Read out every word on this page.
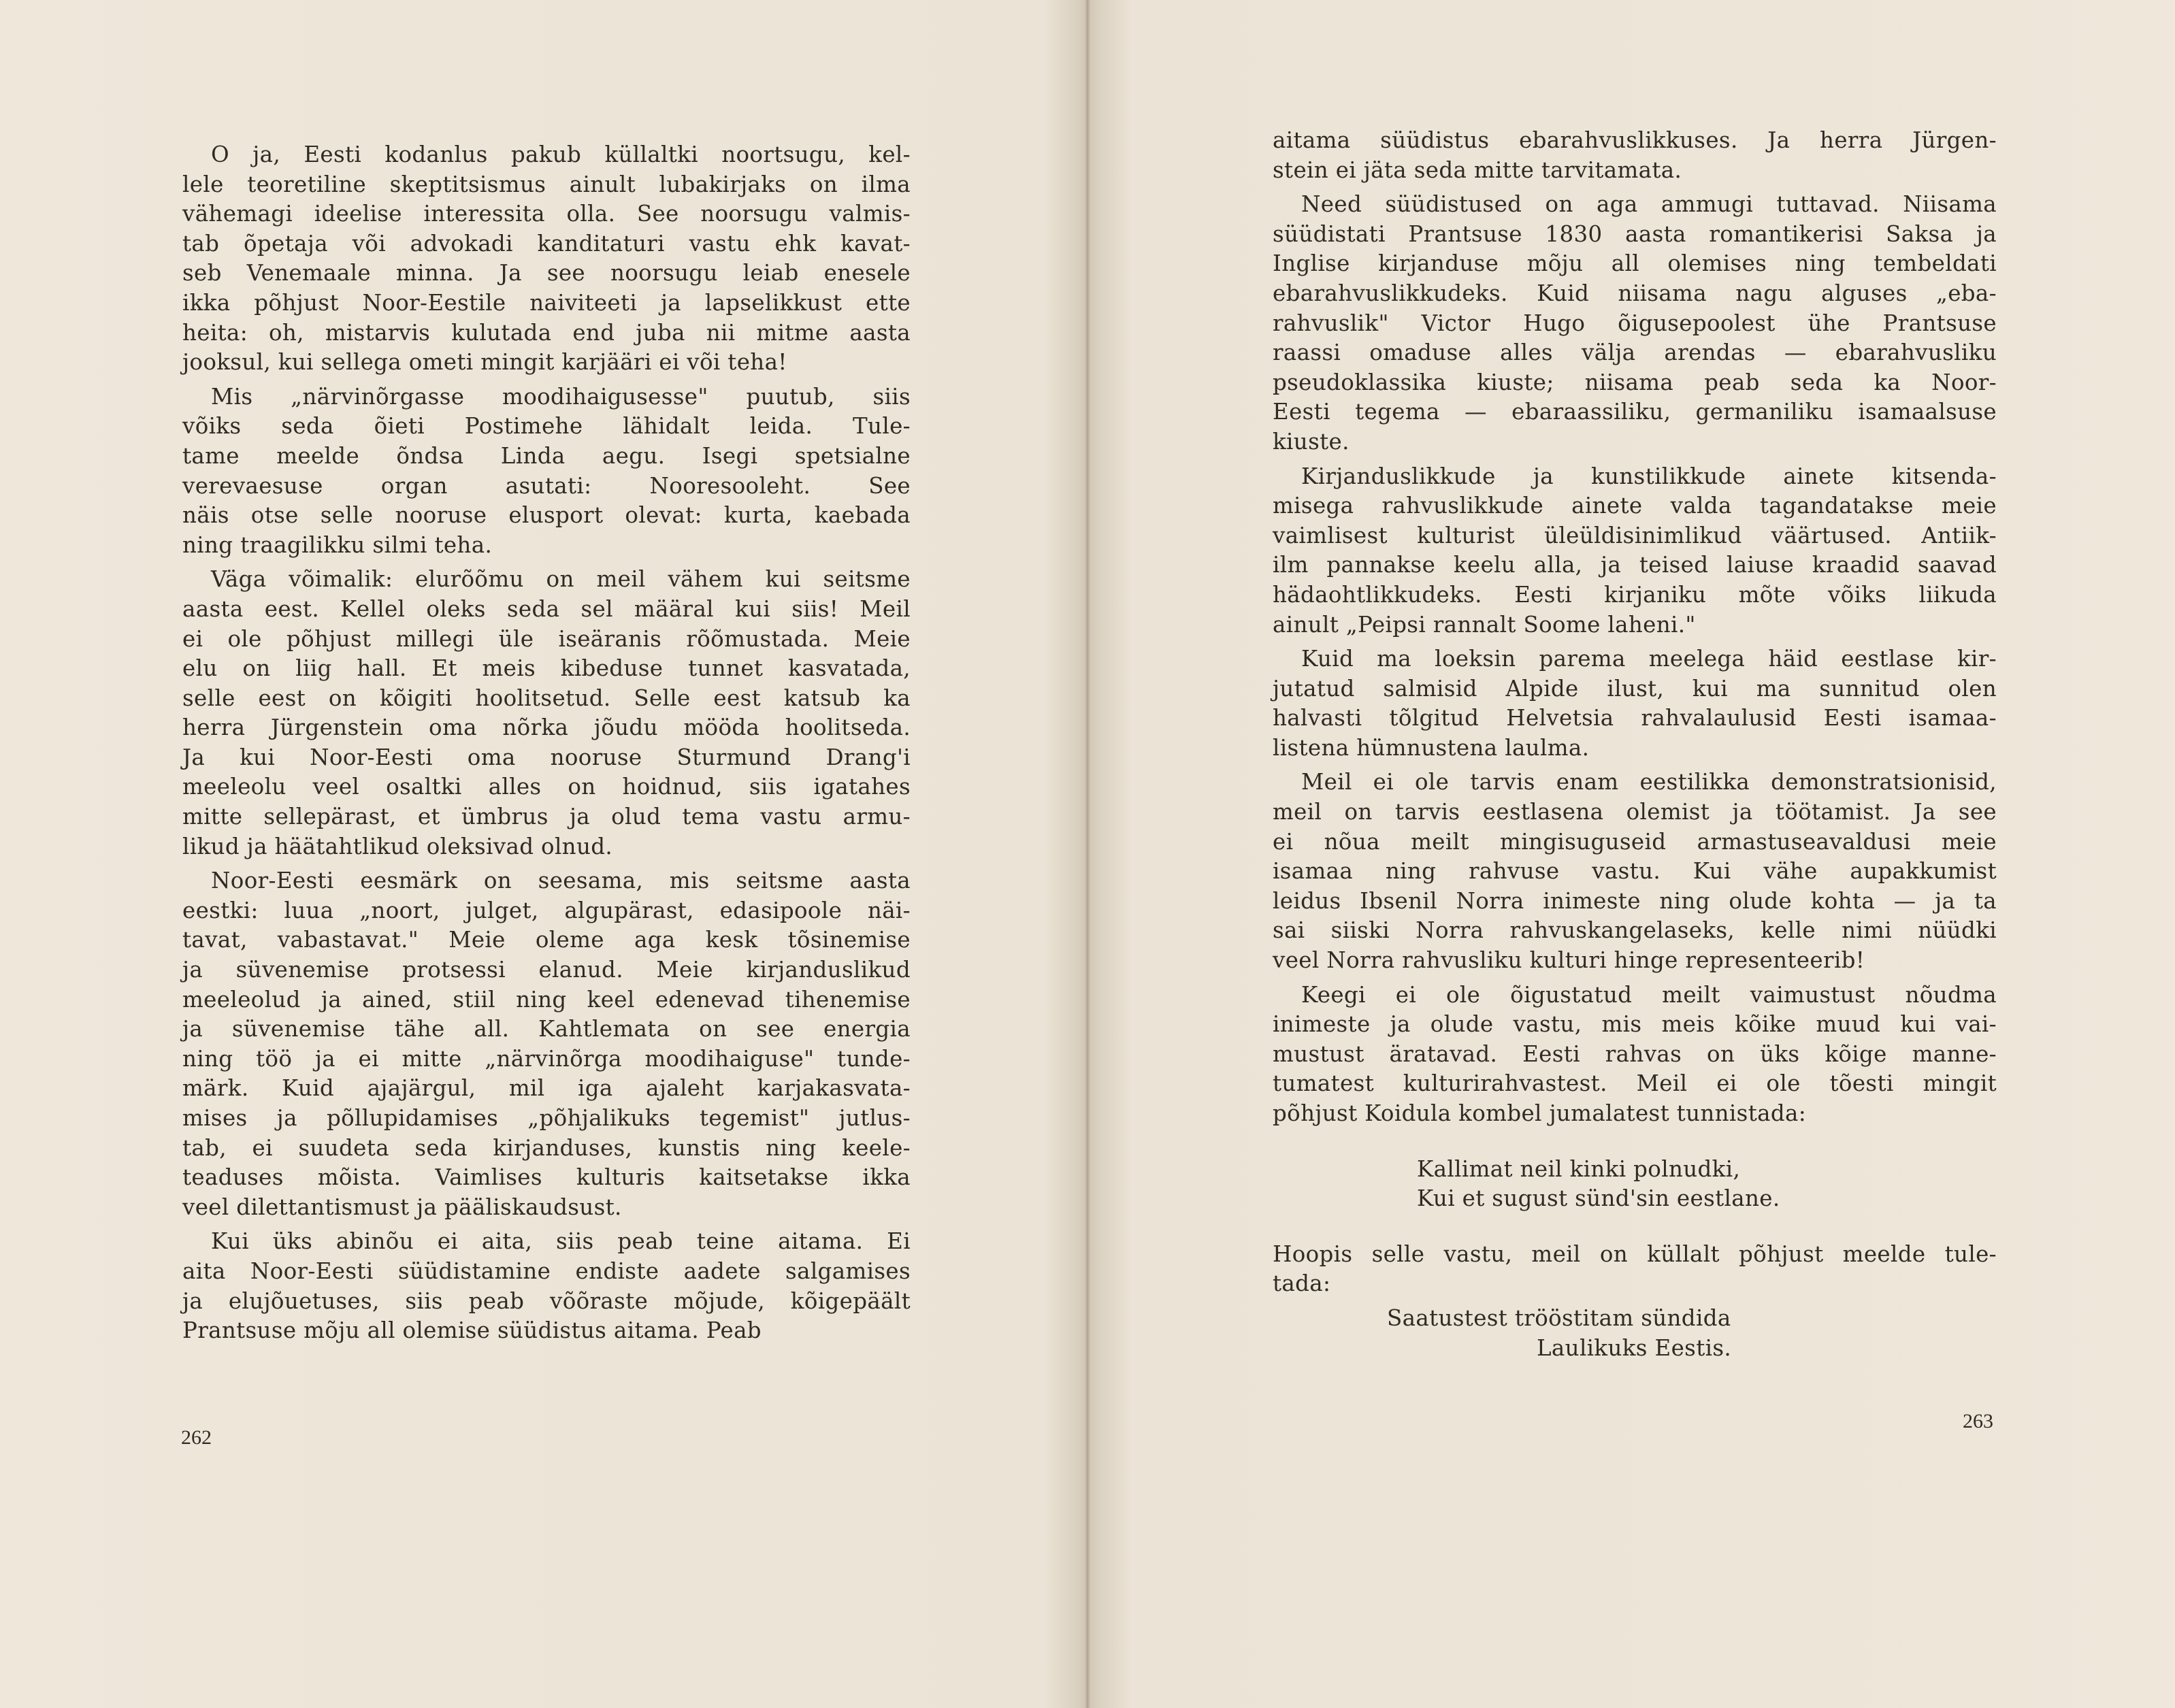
O ja, Eesti kodanlus pakub küllaltki noortsugu, kel-
lele teoretiline skeptitsismus ainult lubakirjaks on ilma
vähemagi ideelise interessita olla. See noorsugu valmis-
tab õpetaja või advokadi kanditaturi vastu ehk kavat-
seb Venemaale minna. Ja see noorsugu leiab enesele
ikka põhjust Noor-Eestile naiviteeti ja lapselikkust ette
heita: oh, mistarvis kulutada end juba nii mitme aasta
jooksul, kui sellega ometi mingit karjääri ei või teha!
Mis „närvinõrgasse moodihaigusesse" puutub, siis
võiks seda õieti Postimehe lähidalt leida. Tule-
tame meelde õndsa Linda aegu. Isegi spetsialne
verevaesuse organ asutati: Nooresooleht. See
näis otse selle nooruse elusport olevat: kurta, kaebada
ning traagilikku silmi teha.
Väga võimalik: elurõõmu on meil vähem kui seitsme
aasta eest. Kellel oleks seda sel määral kui siis! Meil
ei ole põhjust millegi üle iseäranis rõõmustada. Meie
elu on liig hall. Et meis kibeduse tunnet kasvatada,
selle eest on kõigiti hoolitsetud. Selle eest katsub ka
herra Jürgenstein oma nõrka jõudu mööda hoolitseda.
Ja kui Noor-Eesti oma nooruse Sturmund Drang'i
meeleolu veel osaltki alles on hoidnud, siis igatahes
mitte sellepärast, et ümbrus ja olud tema vastu armu-
likud ja häätahtlikud oleksivad olnud.
Noor-Eesti eesmärk on seesama, mis seitsme aasta
eestki: luua „noort, julget, algupärast, edasipoole näi-
tavat, vabastavat." Meie oleme aga kesk tõsinemise
ja süvenemise protsessi elanud. Meie kirjanduslikud
meeleolud ja ained, stiil ning keel edenevad tihenemise
ja süvenemise tähe all. Kahtlemata on see energia
ning töö ja ei mitte „närvinõrga moodihaiguse" tunde-
märk. Kuid ajajärgul, mil iga ajaleht karjakasvata-
mises ja põllupidamises „põhjalikuks tegemist" jutlus-
tab, ei suudeta seda kirjanduses, kunstis ning keele-
teaduses mõista. Vaimlises kulturis kaitsetakse ikka
veel dilettantismust ja pääliskaudsust.
Kui üks abinõu ei aita, siis peab teine aitama. Ei
aita Noor-Eesti süüdistamine endiste aadete salgamises
ja elujõuetuses, siis peab võõraste mõjude, kõigepäält
Prantsuse mõju all olemise süüdistus aitama. Peab
262
aitama süüdistus ebarahvuslikkuses. Ja herra Jürgen-
stein ei jäta seda mitte tarvitamata.
Need süüdistused on aga ammugi tuttavad. Niisama
süüdistati Prantsuse 1830 aasta romantikerisi Saksa ja
Inglise kirjanduse mõju all olemises ning tembeldati
ebarahvuslikkudeks. Kuid niisama nagu alguses „eba-
rahvuslik" Victor Hugo õigusepoolest ühe Prantsuse
raassi omaduse alles välja arendas — ebarahvusliku
pseudoklassika kiuste; niisama peab seda ka Noor-
Eesti tegema — ebaraassiliku, germaniliku isamaalsuse
kiuste.
Kirjanduslikkude ja kunstilikkude ainete kitsenda-
misega rahvuslikkude ainete valda tagandatakse meie
vaimlisest kulturist üleüldisinimlikud väärtused. Antiik-
ilm pannakse keelu alla, ja teised laiuse kraadid saavad
hädaohtlikkudeks. Eesti kirjaniku mõte võiks liikuda
ainult „Peipsi rannalt Soome laheni."
Kuid ma loeksin parema meelega häid eestlase kir-
jutatud salmisid Alpide ilust, kui ma sunnitud olen
halvasti tõlgitud Helvetsia rahvalaulusid Eesti isamaa-
listena hümnustena laulma.
Meil ei ole tarvis enam eestilikka demonstratsionisid,
meil on tarvis eestlasena olemist ja töötamist. Ja see
ei nõua meilt mingisuguseid armastuseavaldusi meie
isamaa ning rahvuse vastu. Kui vähe aupakkumist
leidus Ibsenil Norra inimeste ning olude kohta — ja ta
sai siiski Norra rahvuskangelaseks, kelle nimi nüüdki
veel Norra rahvusliku kulturi hinge representeerib!
Keegi ei ole õigustatud meilt vaimustust nõudma
inimeste ja olude vastu, mis meis kõike muud kui vai-
mustust äratavad. Eesti rahvas on üks kõige manne-
tumatest kulturirahvastest. Meil ei ole tõesti mingit
põhjust Koidula kombel jumalatest tunnistada:
Kallimat neil kinki polnudki,
Kui et sugust sünd'sin eestlane.
Hoopis selle vastu, meil on küllalt põhjust meelde tule-
tada:
Saatustest trööstitam sündida
Laulikuks Eestis.
263
